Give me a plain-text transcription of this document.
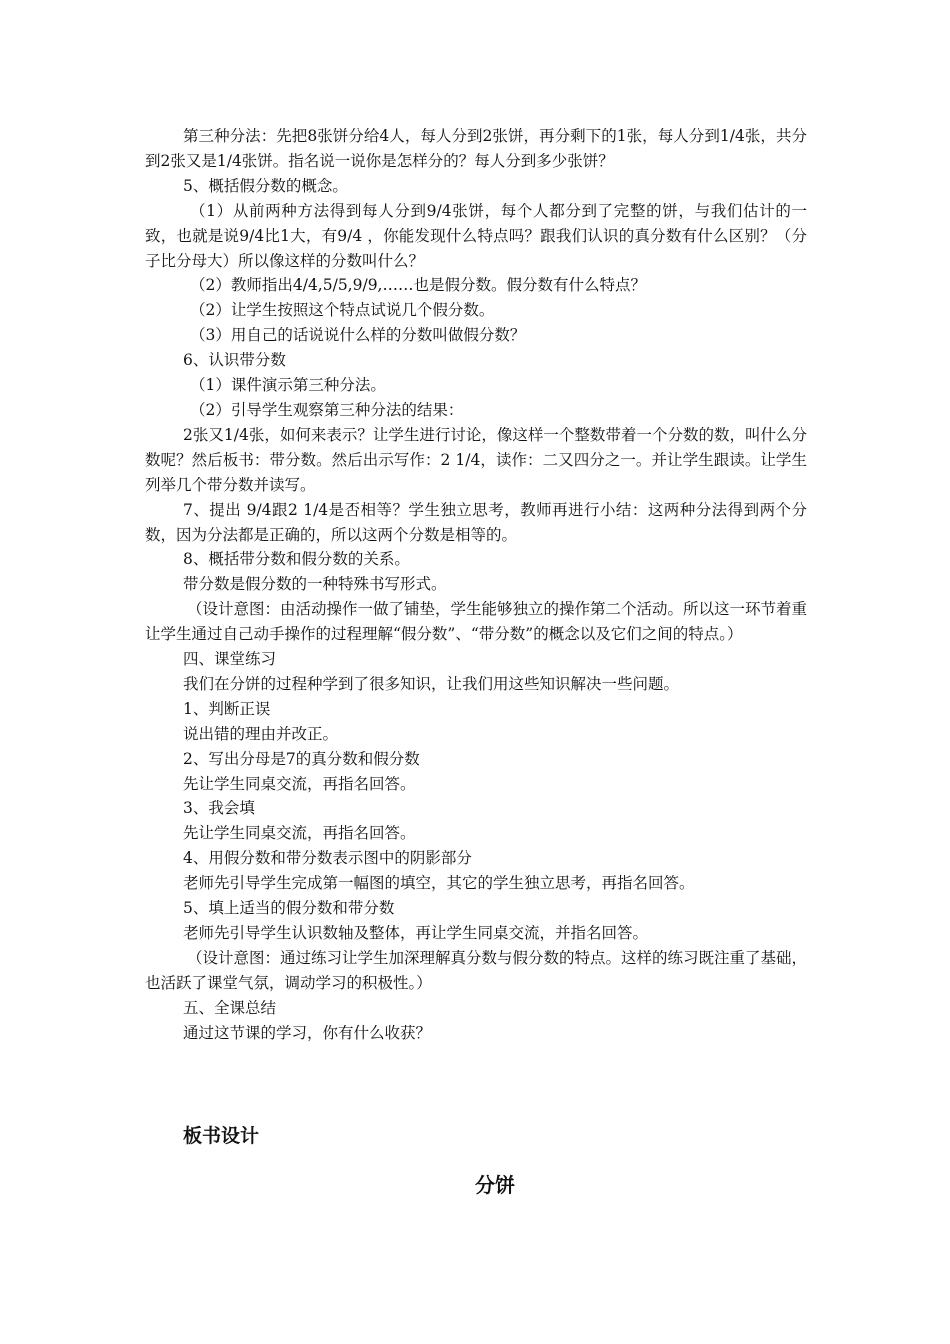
第三种分法：先把8张饼分给4人，每人分到2张饼，再分剩下的1张，每人分到1/4张，共分到2张又是1/4张饼。指名说一说你是怎样分的？每人分到多少张饼？

5、概括假分数的概念。

（1）从前两种方法得到每人分到9/4张饼，每个人都分到了完整的饼，与我们估计的一致，也就是说9/4比1大，有9/4 ，你能发现什么特点吗？跟我们认识的真分数有什么区别？（分子比分母大）所以像这样的分数叫什么？

（2）教师指出4/4,5/5,9/9,……也是假分数。假分数有什么特点？

（2）让学生按照这个特点试说几个假分数。

（3）用自己的话说说什么样的分数叫做假分数？

6、认识带分数

（1）课件演示第三种分法。

（2）引导学生观察第三种分法的结果：

2张又1/4张，如何来表示？让学生进行讨论，像这样一个整数带着一个分数的数，叫什么分数呢？然后板书：带分数。然后出示写作：2 1/4，读作：二又四分之一。并让学生跟读。让学生列举几个带分数并读写。

7、提出 9/4跟2 1/4是否相等？学生独立思考，教师再进行小结：这两种分法得到两个分数，因为分法都是正确的，所以这两个分数是相等的。

8、概括带分数和假分数的关系。

带分数是假分数的一种特殊书写形式。

（设计意图：由活动操作一做了铺垫，学生能够独立的操作第二个活动。所以这一环节着重让学生通过自己动手操作的过程理解“假分数”、“带分数”的概念以及它们之间的特点。）

四、课堂练习

我们在分饼的过程种学到了很多知识，让我们用这些知识解决一些问题。

1、判断正误

说出错的理由并改正。

2、写出分母是7的真分数和假分数

先让学生同桌交流，再指名回答。

3、我会填

先让学生同桌交流，再指名回答。

4、用假分数和带分数表示图中的阴影部分

老师先引导学生完成第一幅图的填空，其它的学生独立思考，再指名回答。

5、填上适当的假分数和带分数

老师先引导学生认识数轴及整体，再让学生同桌交流，并指名回答。

（设计意图：通过练习让学生加深理解真分数与假分数的特点。这样的练习既注重了基础，也活跃了课堂气氛，调动学习的积极性。）

五、全课总结

通过这节课的学习，你有什么收获？

板书设计
分饼
